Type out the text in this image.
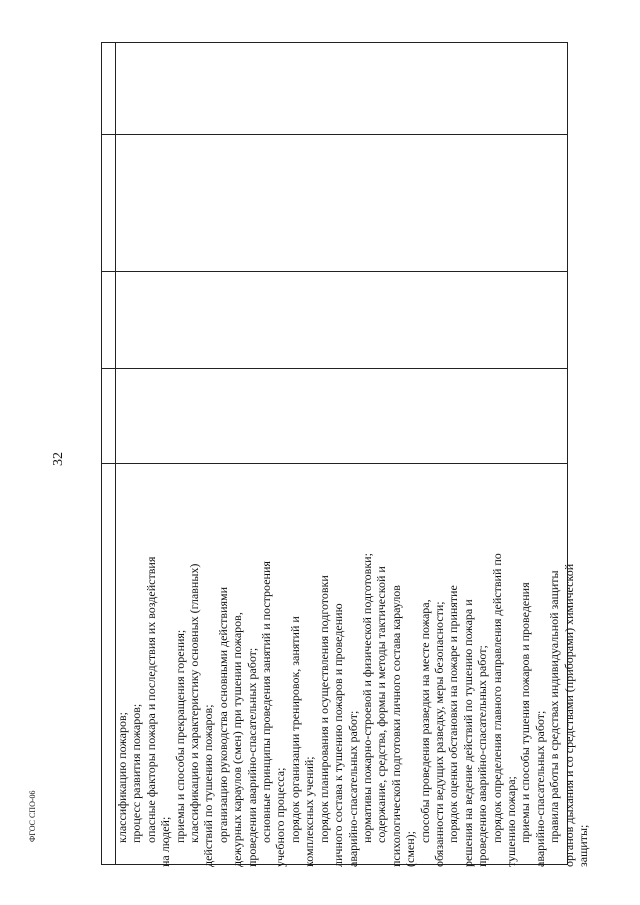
32
ФГОС СПО-06	классификацию пожаров; процесс развития пожаров; опасные факторы пожара и последствия их воздействия на людей; приемы и способы прекращения горения; классификацию и характеристику основных (главных) действий по тушению пожаров; организацию руководства основными действиями дежурных караулов (смен) при тушении пожаров, проведении аварийно-спасательных работ; основные принципы проведения занятий и построения учебного процесса; порядок организации тренировок, занятий и комплексных учений; порядок планирования и осуществления подготовки личного состава к тушению пожаров и проведению аварийно-спасательных работ; нормативы пожарно-строевой и физической подготовки; содержание, средства, формы и методы тактической и психологической подготовки личного состава караулов (смен);
способы проведения разведки на месте пожара, обязанности ведущих разведку, меры безопасности; порядок оценки обстановки на пожаре и принятие решения на ведение действий по тушению пожара и проведению аварийно-спасательных работ; порядок определения главного направления действий по тушению пожара; приемы и способы тушения пожаров и проведения аварийно-спасательных работ; правила работы в средствах индивидуальной защиты органов дыхания и со средствами (приборами) химической защиты;
